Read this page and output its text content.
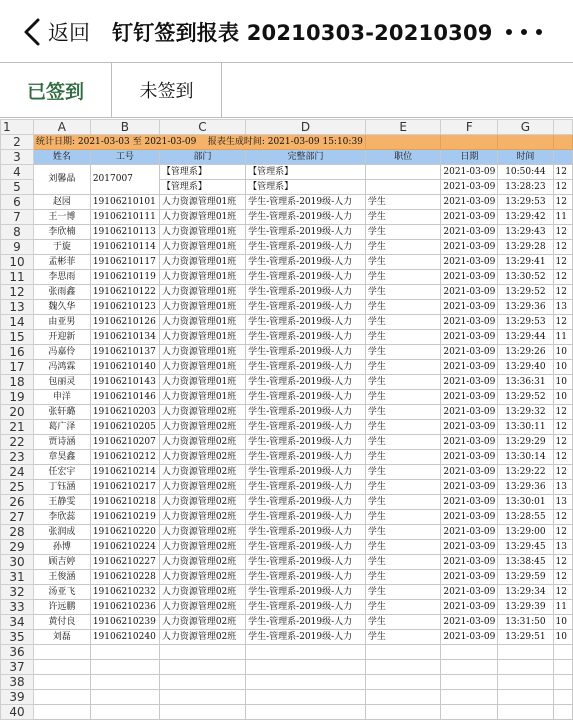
返回 钉钉签到报表 20210303-20210309
已签到	未签到
1	A	B	C	D	E	F	G	
2	统计日期: 2021-03-03 至 2021-03-09 报表生成时间: 2021-03-09 15:10:39							
3	姓名	工号	部门	完整部门	职位	日期	时间	
4	刘馨晶	2017007	【管理系】	【管理系】		2021-03-09	10:50:44	12
5			【管理系】	【管理系】		2021-03-09	13:28:23	12
6	赵园	19106210101	人力资源管理01班	学生-管理系-2019级-人力	学生	2021-03-09	13:29:53	12
7	王一博	19106210111	人力资源管理01班	学生-管理系-2019级-人力	学生	2021-03-09	13:29:42	11
8	李欣楠	19106210113	人力资源管理01班	学生-管理系-2019级-人力	学生	2021-03-09	13:29:43	12
9	于旋	19106210114	人力资源管理01班	学生-管理系-2019级-人力	学生	2021-03-09	13:29:28	12
10	孟彬菲	19106210117	人力资源管理01班	学生-管理系-2019级-人力	学生	2021-03-09	13:29:41	12
11	李思雨	19106210119	人力资源管理01班	学生-管理系-2019级-人力	学生	2021-03-09	13:30:52	12
12	张雨鑫	19106210122	人力资源管理01班	学生-管理系-2019级-人力	学生	2021-03-09	13:29:52	12
13	魏久华	19106210123	人力资源管理01班	学生-管理系-2019级-人力	学生	2021-03-09	13:29:36	13
14	由亚男	19106210126	人力资源管理01班	学生-管理系-2019级-人力	学生	2021-03-09	13:29:53	12
15	开迎新	19106210134	人力资源管理01班	学生-管理系-2019级-人力	学生	2021-03-09	13:29:44	11
16	冯嘉伶	19106210137	人力资源管理01班	学生-管理系-2019级-人力	学生	2021-03-09	13:29:26	10
17	冯鸿霖	19106210140	人力资源管理01班	学生-管理系-2019级-人力	学生	2021-03-09	13:29:40	10
18	包丽灵	19106210143	人力资源管理01班	学生-管理系-2019级-人力	学生	2021-03-09	13:36:31	10
19	申洋	19106210146	人力资源管理01班	学生-管理系-2019级-人力	学生	2021-03-09	13:29:52	10
20	张轩璐	19106210203	人力资源管理02班	学生-管理系-2019级-人力	学生	2021-03-09	13:29:32	12
21	葛广泽	19106210205	人力资源管理02班	学生-管理系-2019级-人力	学生	2021-03-09	13:30:11	12
22	贾诗涵	19106210207	人力资源管理02班	学生-管理系-2019级-人力	学生	2021-03-09	13:29:29	12
23	章昊鑫	19106210212	人力资源管理02班	学生-管理系-2019级-人力	学生	2021-03-09	13:30:14	12
24	任宏宇	19106210214	人力资源管理02班	学生-管理系-2019级-人力	学生	2021-03-09	13:29:22	12
25	丁钰涵	19106210217	人力资源管理02班	学生-管理系-2019级-人力	学生	2021-03-09	13:29:36	13
26	王静雯	19106210218	人力资源管理02班	学生-管理系-2019级-人力	学生	2021-03-09	13:30:01	13
27	李欣蕊	19106210219	人力资源管理02班	学生-管理系-2019级-人力	学生	2021-03-09	13:28:55	12
28	张润成	19106210220	人力资源管理02班	学生-管理系-2019级-人力	学生	2021-03-09	13:29:00	12
29	孙博	19106210224	人力资源管理02班	学生-管理系-2019级-人力	学生	2021-03-09	13:29:45	13
30	顾吉婷	19106210227	人力资源管理02班	学生-管理系-2019级-人力	学生	2021-03-09	13:38:45	12
31	王俊涵	19106210228	人力资源管理02班	学生-管理系-2019级-人力	学生	2021-03-09	13:29:59	12
32	汤亚飞	19106210232	人力资源管理02班	学生-管理系-2019级-人力	学生	2021-03-09	13:29:34	12
33	许远鹏	19106210236	人力资源管理02班	学生-管理系-2019级-人力	学生	2021-03-09	13:29:39	11
34	黄付良	19106210239	人力资源管理02班	学生-管理系-2019级-人力	学生	2021-03-09	13:31:50	10
35	刘磊	19106210240	人力资源管理02班	学生-管理系-2019级-人力	学生	2021-03-09	13:29:51	10
36								
37								
38								
39								
40								
